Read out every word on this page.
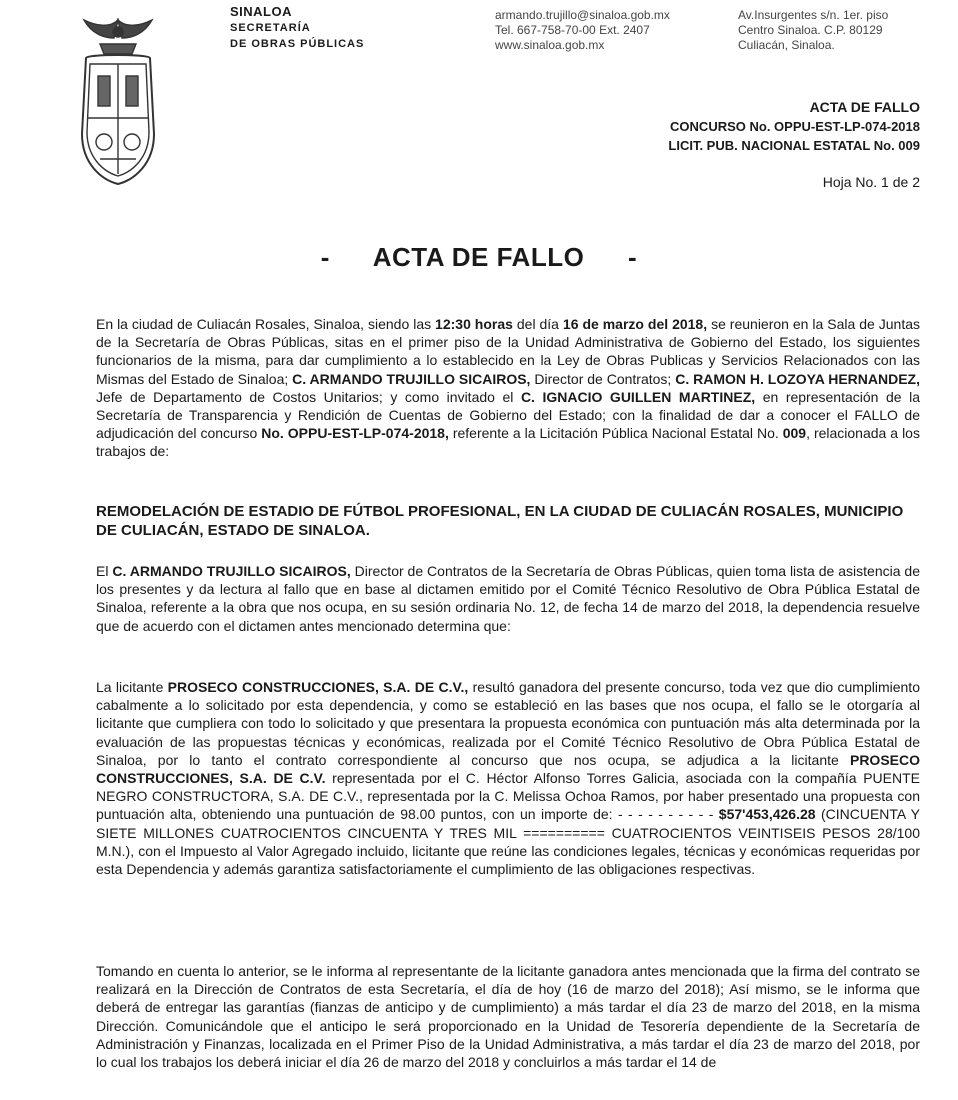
SINALOA
SECRETARÍA
DE OBRAS PÚBLICAS
armando.trujillo@sinaloa.gob.mx
Tel. 667-758-70-00 Ext. 2407
www.sinaloa.gob.mx
Av.Insurgentes s/n. 1er. piso
Centro Sinaloa. C.P. 80129
Culiacán, Sinaloa.
ACTA DE FALLO
CONCURSO No. OPPU-EST-LP-074-2018
LICIT. PUB. NACIONAL ESTATAL No. 009
Hoja No. 1 de 2
- ACTA DE FALLO -
En la ciudad de Culiacán Rosales, Sinaloa, siendo las 12:30 horas del día 16 de marzo del 2018, se reunieron en la Sala de Juntas de la Secretaría de Obras Públicas, sitas en el primer piso de la Unidad Administrativa de Gobierno del Estado, los siguientes funcionarios de la misma, para dar cumplimiento a lo establecido en la Ley de Obras Publicas y Servicios Relacionados con las Mismas del Estado de Sinaloa; C. ARMANDO TRUJILLO SICAIROS, Director de Contratos; C. RAMON H. LOZOYA HERNANDEZ, Jefe de Departamento de Costos Unitarios; y como invitado el C. IGNACIO GUILLEN MARTINEZ, en representación de la Secretaría de Transparencia y Rendición de Cuentas de Gobierno del Estado; con la finalidad de dar a conocer el FALLO de adjudicación del concurso No. OPPU-EST-LP-074-2018, referente a la Licitación Pública Nacional Estatal No. 009, relacionada a los trabajos de:
REMODELACIÓN DE ESTADIO DE FÚTBOL PROFESIONAL, EN LA CIUDAD DE CULIACÁN ROSALES, MUNICIPIO DE CULIACÁN, ESTADO DE SINALOA.
El C. ARMANDO TRUJILLO SICAIROS, Director de Contratos de la Secretaría de Obras Públicas, quien toma lista de asistencia de los presentes y da lectura al fallo que en base al dictamen emitido por el Comité Técnico Resolutivo de Obra Pública Estatal de Sinaloa, referente a la obra que nos ocupa, en su sesión ordinaria No. 12, de fecha 14 de marzo del 2018, la dependencia resuelve que de acuerdo con el dictamen antes mencionado determina que:
La licitante PROSECO CONSTRUCCIONES, S.A. DE C.V., resultó ganadora del presente concurso, toda vez que dio cumplimiento cabalmente a lo solicitado por esta dependencia, y como se estableció en las bases que nos ocupa, el fallo se le otorgaría al licitante que cumpliera con todo lo solicitado y que presentara la propuesta económica con puntuación más alta determinada por la evaluación de las propuestas técnicas y económicas, realizada por el Comité Técnico Resolutivo de Obra Pública Estatal de Sinaloa, por lo tanto el contrato correspondiente al concurso que nos ocupa, se adjudica a la licitante PROSECO CONSTRUCCIONES, S.A. DE C.V. representada por el C. Héctor Alfonso Torres Galicia, asociada con la compañía PUENTE NEGRO CONSTRUCTORA, S.A. DE C.V., representada por la C. Melissa Ochoa Ramos, por haber presentado una propuesta con puntuación alta, obteniendo una puntuación de 98.00 puntos, con un importe de: - - - - - - - - - - $57'453,426.28 (CINCUENTA Y SIETE MILLONES CUATROCIENTOS CINCUENTA Y TRES MIL ========== CUATROCIENTOS VEINTISEIS PESOS 28/100 M.N.), con el Impuesto al Valor Agregado incluido, licitante que reúne las condiciones legales, técnicas y económicas requeridas por esta Dependencia y además garantiza satisfactoriamente el cumplimiento de las obligaciones respectivas.
Tomando en cuenta lo anterior, se le informa al representante de la licitante ganadora antes mencionada que la firma del contrato se realizará en la Dirección de Contratos de esta Secretaría, el día de hoy (16 de marzo del 2018); Así mismo, se le informa que deberá de entregar las garantías (fianzas de anticipo y de cumplimiento) a más tardar el día 23 de marzo del 2018, en la misma Dirección. Comunicándole que el anticipo le será proporcionado en la Unidad de Tesorería dependiente de la Secretaría de Administración y Finanzas, localizada en el Primer Piso de la Unidad Administrativa, a más tardar el día 23 de marzo del 2018, por lo cual los trabajos los deberá iniciar el día 26 de marzo del 2018 y concluirlos a más tardar el 14 de
